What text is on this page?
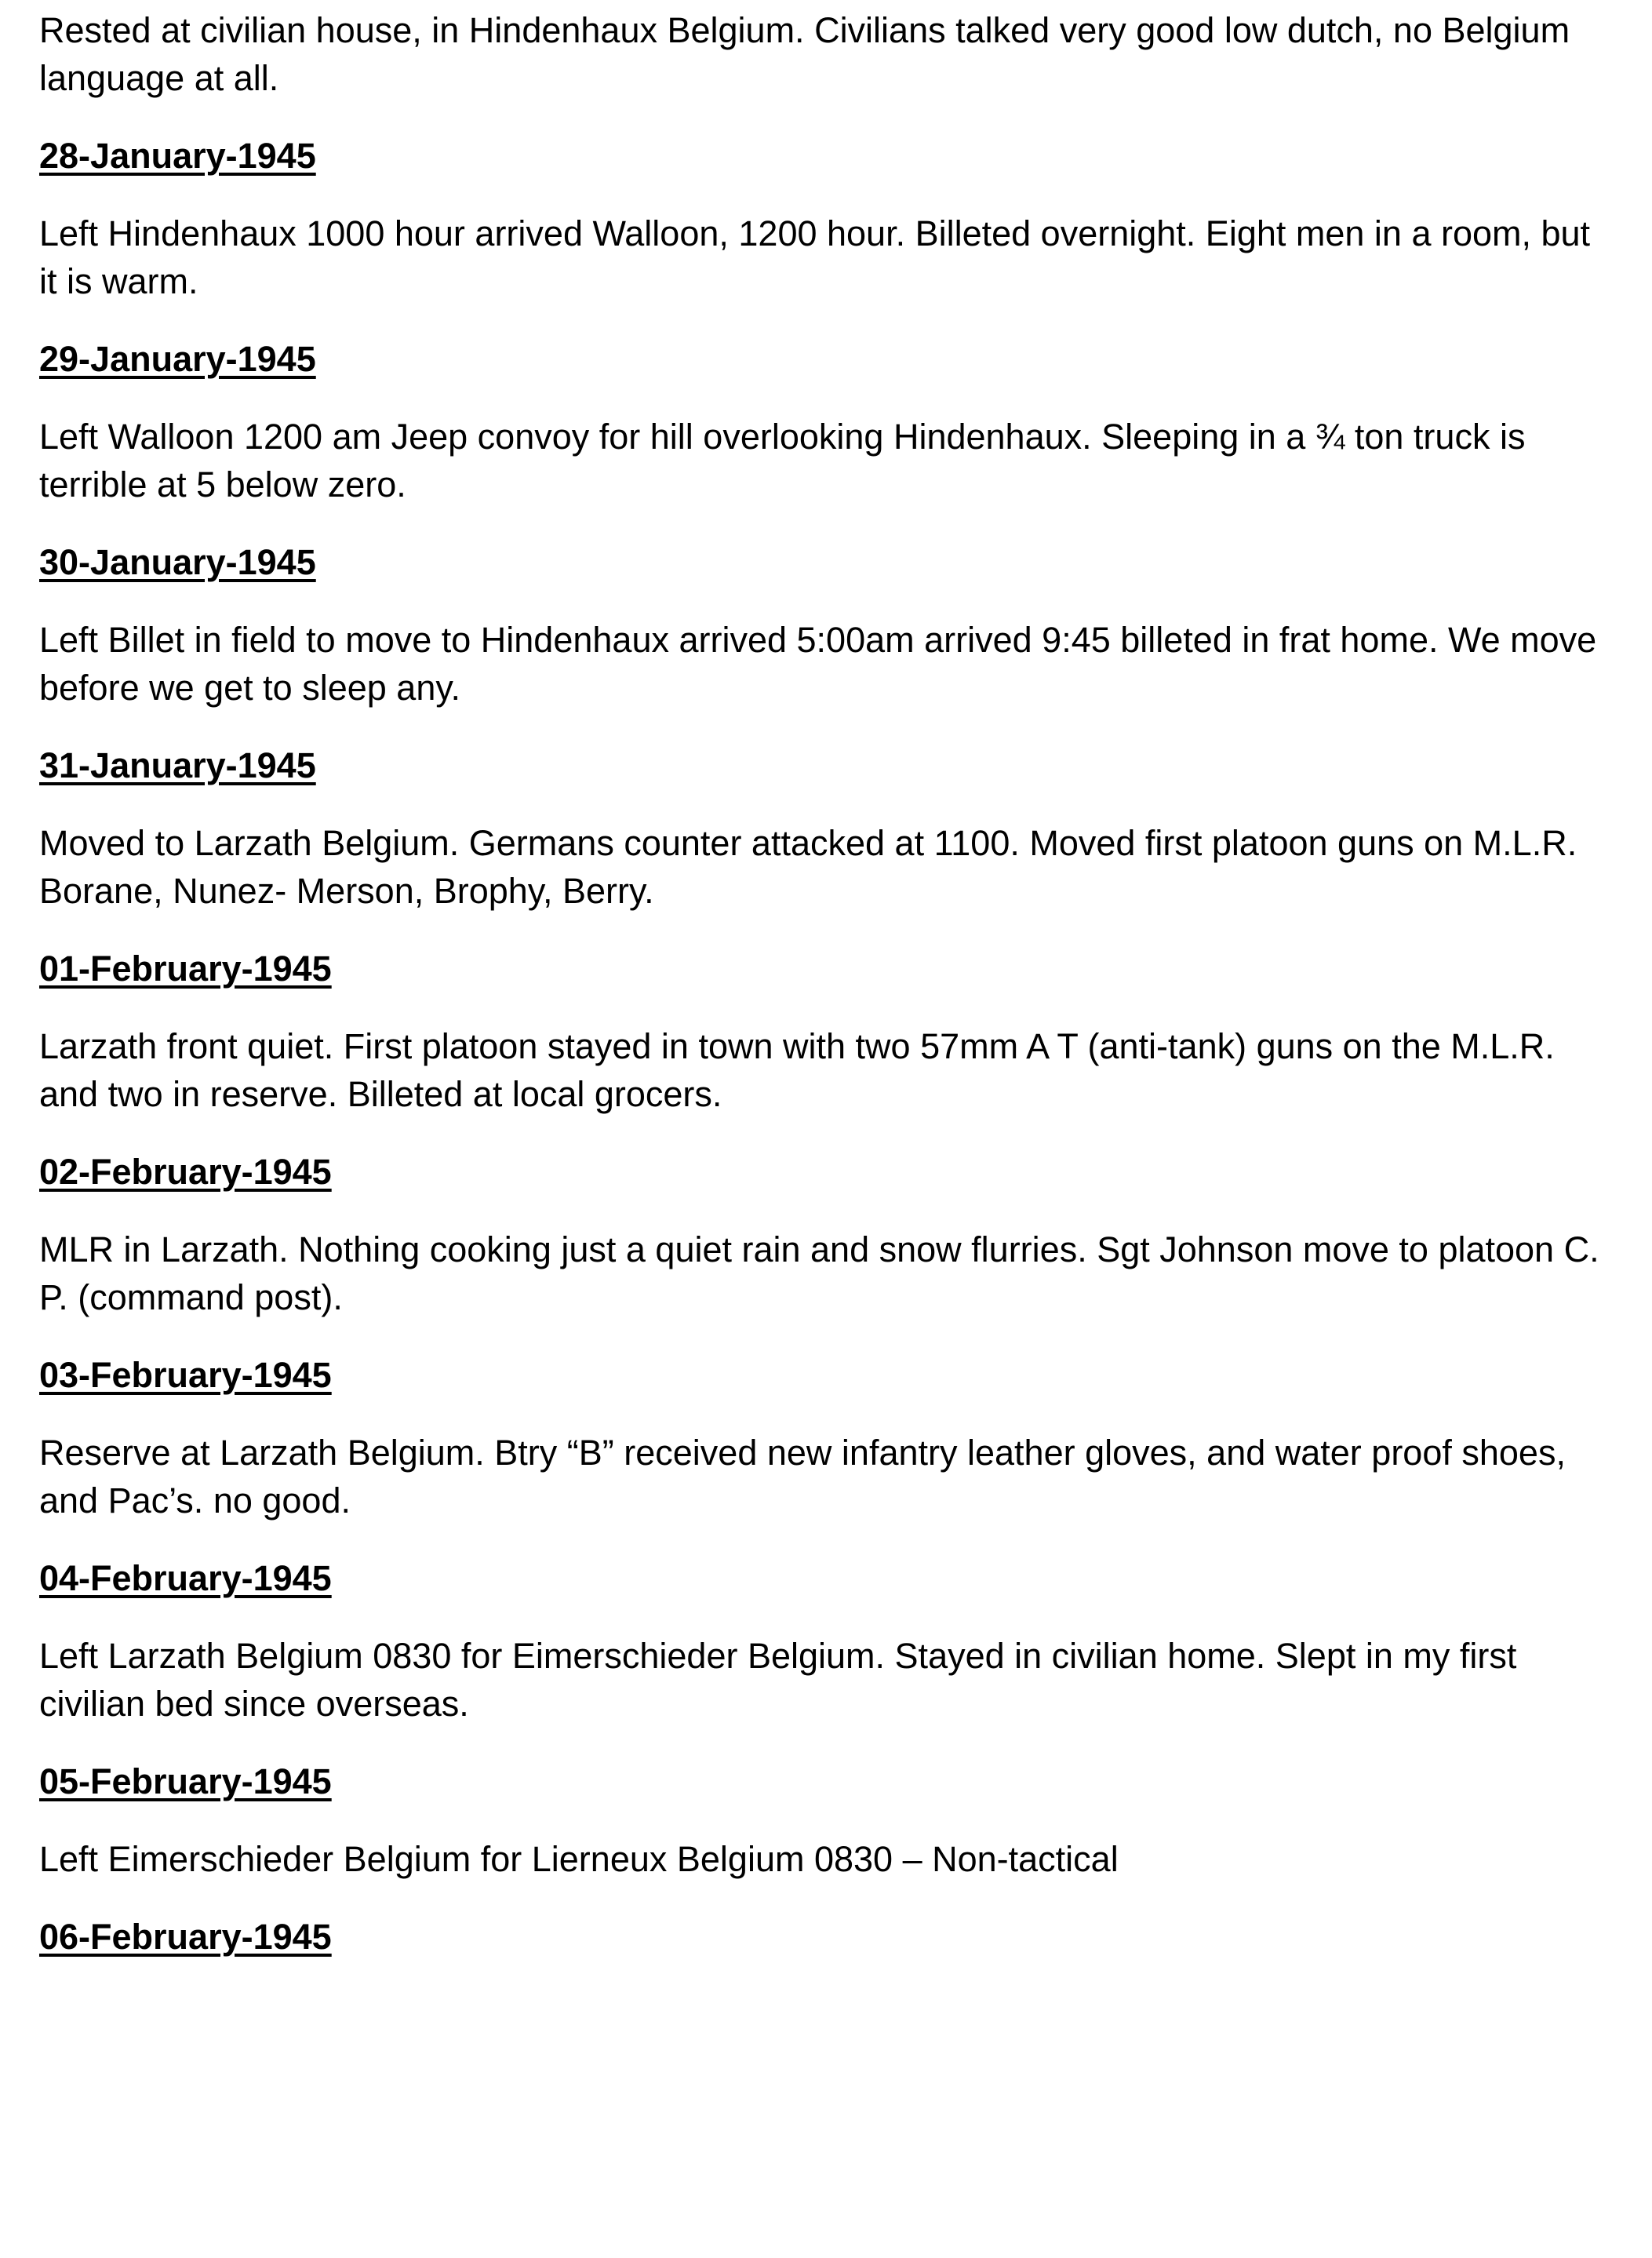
Rested at civilian house, in Hindenhaux Belgium. Civilians talked very good low dutch, no Belgium language at all.

28-January-1945

Left Hindenhaux 1000 hour arrived Walloon, 1200 hour. Billeted overnight. Eight men in a room, but it is warm.

29-January-1945

Left Walloon 1200 am Jeep convoy for hill overlooking Hindenhaux. Sleeping in a ¾ ton truck is terrible at 5 below zero.

30-January-1945

Left Billet in field to move to Hindenhaux arrived 5:00am arrived 9:45 billeted in frat home. We move before we get to sleep any.

31-January-1945

Moved to Larzath Belgium. Germans counter attacked at 1100. Moved first platoon guns on M.L.R. Borane, Nunez- Merson, Brophy, Berry.

01-February-1945

Larzath front quiet. First platoon stayed in town with two 57mm A T (anti-tank) guns on the M.L.R. and two in reserve. Billeted at local grocers.

02-February-1945

MLR in Larzath. Nothing cooking just a quiet rain and snow flurries. Sgt Johnson move to platoon C. P. (command post).

03-February-1945

Reserve at Larzath Belgium. Btry “B” received new infantry leather gloves, and water proof shoes, and Pac’s. no good.

04-February-1945

Left Larzath Belgium 0830 for Eimerschieder Belgium. Stayed in civilian home. Slept in my first civilian bed since overseas.

05-February-1945

Left Eimerschieder Belgium for Lierneux Belgium 0830 – Non-tactical

06-February-1945
